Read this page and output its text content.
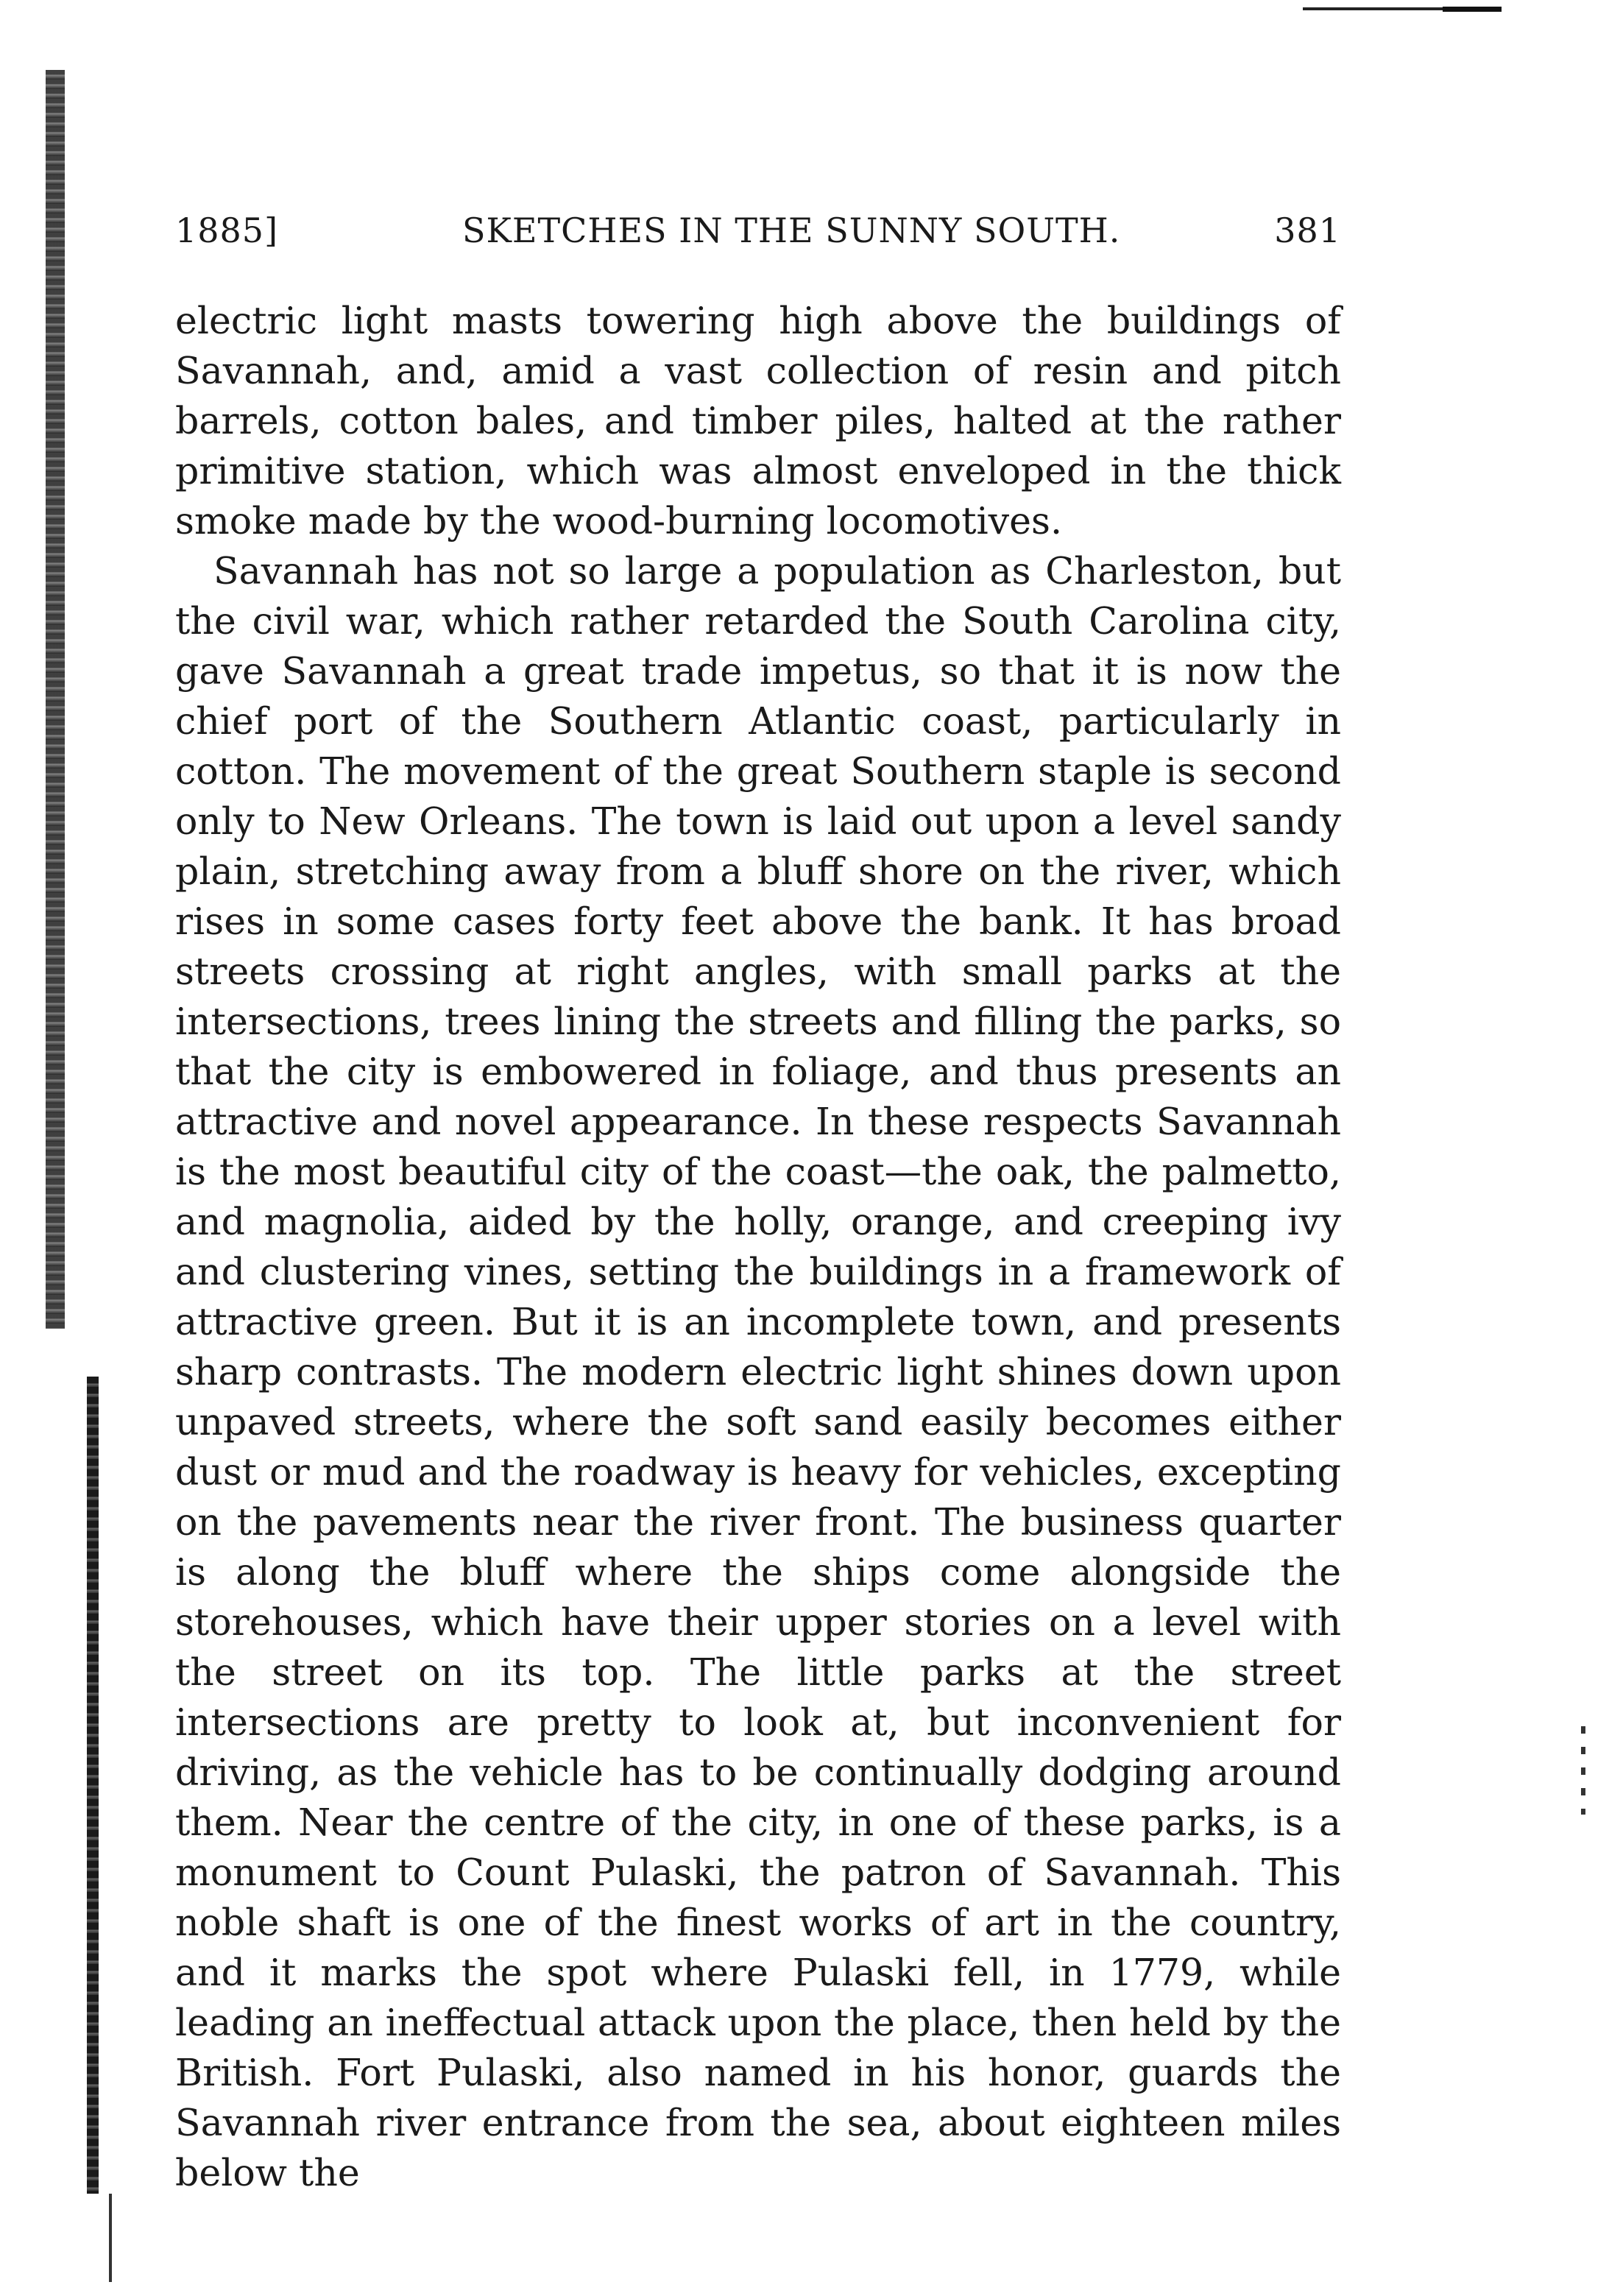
1885]	SKETCHES IN THE SUNNY SOUTH.	381

electric light masts towering high above the buildings of Savannah, and, amid a vast collection of resin and pitch barrels, cotton bales, and timber piles, halted at the rather primitive station, which was almost enveloped in the thick smoke made by the wood-burning locomotives.

Savannah has not so large a population as Charleston, but the civil war, which rather retarded the South Carolina city, gave Savannah a great trade impetus, so that it is now the chief port of the Southern Atlantic coast, particularly in cotton. The movement of the great Southern staple is second only to New Orleans. The town is laid out upon a level sandy plain, stretching away from a bluff shore on the river, which rises in some cases forty feet above the bank. It has broad streets crossing at right angles, with small parks at the intersections, trees lining the streets and filling the parks, so that the city is embowered in foliage, and thus presents an attractive and novel appearance. In these respects Savannah is the most beautiful city of the coast—the oak, the palmetto, and magnolia, aided by the holly, orange, and creeping ivy and clustering vines, setting the buildings in a framework of attractive green. But it is an incomplete town, and presents sharp contrasts. The modern electric light shines down upon unpaved streets, where the soft sand easily becomes either dust or mud and the roadway is heavy for vehicles, excepting on the pavements near the river front. The business quarter is along the bluff where the ships come alongside the storehouses, which have their upper stories on a level with the street on its top. The little parks at the street intersections are pretty to look at, but inconvenient for driving, as the vehicle has to be continually dodging around them. Near the centre of the city, in one of these parks, is a monument to Count Pulaski, the patron of Savannah. This noble shaft is one of the finest works of art in the country, and it marks the spot where Pulaski fell, in 1779, while leading an ineffectual attack upon the place, then held by the British. Fort Pulaski, also named in his honor, guards the Savannah river entrance from the sea, about eighteen miles below the
